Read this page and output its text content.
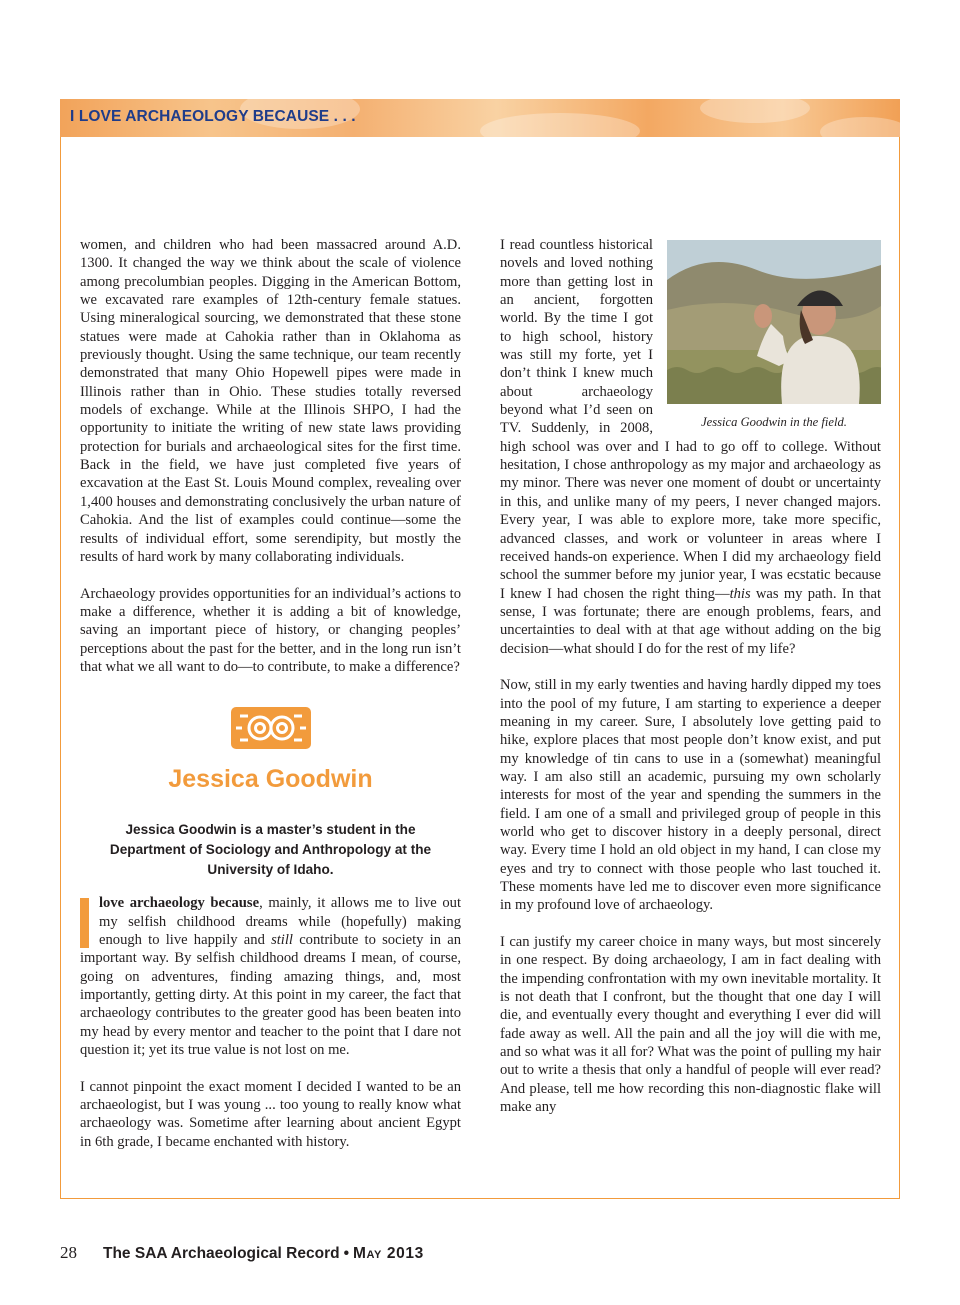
I LOVE ARCHAEOLOGY BECAUSE . . .

women, and children who had been massacred around A.D. 1300. It changed the way we think about the scale of violence among precolumbian peoples. Digging in the American Bottom, we excavated rare examples of 12th-century female statues. Using mineralogical sourcing, we demonstrated that these stone statues were made at Cahokia rather than in Oklahoma as previously thought. Using the same technique, our team recently demonstrated that many Ohio Hopewell pipes were made in Illinois rather than in Ohio. These studies totally reversed models of exchange. While at the Illinois SHPO, I had the opportunity to initiate the writing of new state laws providing protection for burials and archaeological sites for the first time. Back in the field, we have just completed five years of excavation at the East St. Louis Mound complex, revealing over 1,400 houses and demonstrating conclusively the urban nature of Cahokia. And the list of examples could continue—some the results of individual effort, some serendipity, but mostly the results of hard work by many collaborating individuals.

Archaeology provides opportunities for an individual’s actions to make a difference, whether it is adding a bit of knowledge, saving an important piece of history, or changing peoples’ perceptions about the past for the better, and in the long run isn’t that what we all want to do—to contribute, to make a difference?

Jessica Goodwin
Jessica Goodwin is a master’s student in the Department of Sociology and Anthropology at the University of Idaho.

love archaeology because, mainly, it allows me to live out my selfish childhood dreams while (hopefully) making enough to live happily and still contribute to society in an important way. By selfish childhood dreams I mean, of course, going on adventures, finding amazing things, and, most importantly, getting dirty. At this point in my career, the fact that archaeology contributes to the greater good has been beaten into my head by every mentor and teacher to the point that I dare not question it; yet its true value is not lost on me.

I cannot pinpoint the exact moment I decided I wanted to be an archaeologist, but I was young ... too young to really know what archaeology was. Sometime after learning about ancient Egypt in 6th grade, I became enchanted with history.

Jessica Goodwin in the field.

I read countless historical novels and loved nothing more than getting lost in an ancient, forgotten world. By the time I got to high school, history was still my forte, yet I don’t think I knew much about archaeology beyond what I’d seen on TV. Suddenly, in 2008, high school was over and I had to go off to college. Without hesitation, I chose anthropology as my major and archaeology as my minor. There was never one moment of doubt or uncertainty in this, and unlike many of my peers, I never changed majors. Every year, I was able to explore more, take more specific, advanced classes, and work or volunteer in areas where I received hands-on experience. When I did my archaeology field school the summer before my junior year, I was ecstatic because I knew I had chosen the right thing—this was my path. In that sense, I was fortunate; there are enough problems, fears, and uncertainties to deal with at that age without adding on the big decision—what should I do for the rest of my life?

Now, still in my early twenties and having hardly dipped my toes into the pool of my future, I am starting to experience a deeper meaning in my career. Sure, I absolutely love getting paid to hike, explore places that most people don’t know exist, and put my knowledge of tin cans to use in a (somewhat) meaningful way. I am also still an academic, pursuing my own scholarly interests for most of the year and spending the summers in the field. I am one of a small and privileged group of people in this world who get to discover history in a deeply personal, direct way. Every time I hold an old object in my hand, I can close my eyes and try to connect with those people who last touched it. These moments have led me to discover even more significance in my profound love of archaeology.

I can justify my career choice in many ways, but most sincerely in one respect. By doing archaeology, I am in fact dealing with the impending confrontation with my own inevitable mortality. It is not death that I confront, but the thought that one day I will die, and eventually every thought and everything I ever did will fade away as well. All the pain and all the joy will die with me, and so what was it all for? What was the point of pulling my hair out to write a thesis that only a handful of people will ever read? And please, tell me how recording this non-diagnostic flake will make any

28 The SAA Archaeological Record • May 2013
